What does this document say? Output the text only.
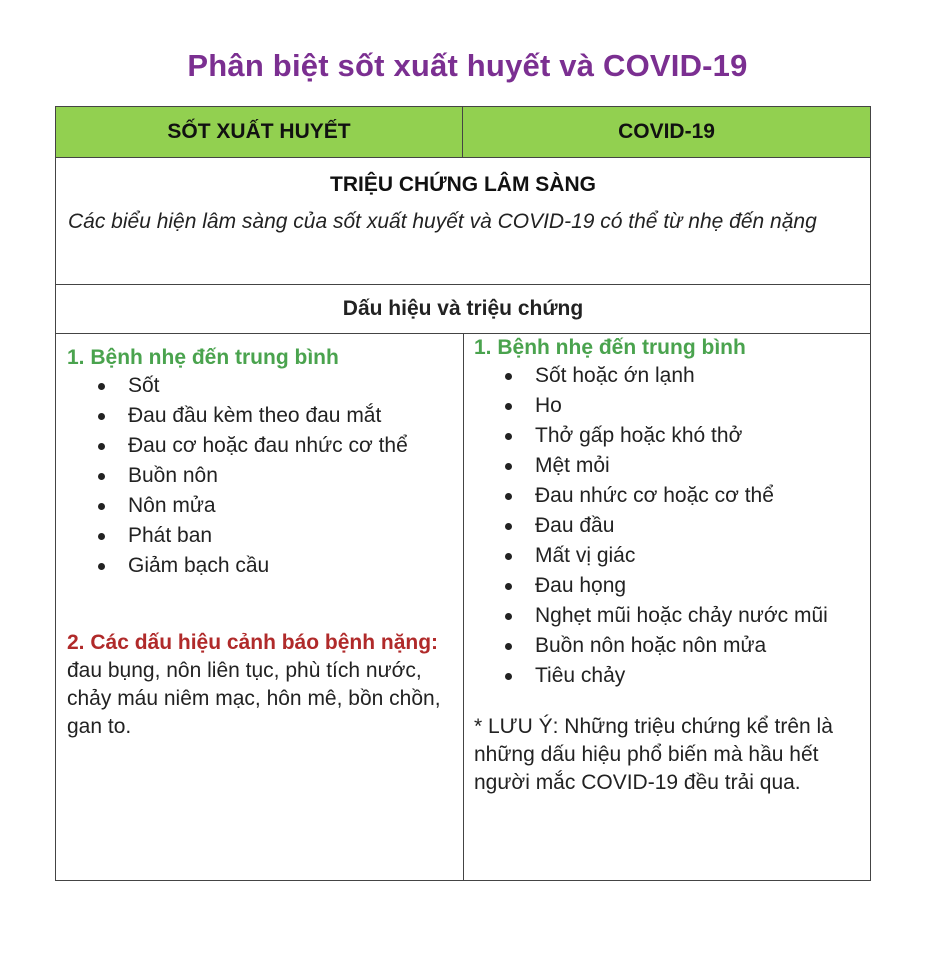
Phân biệt sốt xuất huyết và COVID-19
SỐT XUẤT HUYẾT	COVID-19
TRIỆU CHỨNG LÂM SÀNG
Các biểu hiện lâm sàng của sốt xuất huyết và COVID-19 có thể từ nhẹ đến nặng
Dấu hiệu và triệu chứng
1. Bệnh nhẹ đến trung bình
Sốt
Đau đầu kèm theo đau mắt
Đau cơ hoặc đau nhức cơ thể
Buồn nôn
Nôn mửa
Phát ban
Giảm bạch cầu
2. Các dấu hiệu cảnh báo bệnh nặng: đau bụng, nôn liên tục, phù tích nước, chảy máu niêm mạc, hôn mê, bồn chồn, gan to.
1. Bệnh nhẹ đến trung bình
Sốt hoặc ớn lạnh
Ho
Thở gấp hoặc khó thở
Mệt mỏi
Đau nhức cơ hoặc cơ thể
Đau đầu
Mất vị giác
Đau họng
Nghẹt mũi hoặc chảy nước mũi
Buồn nôn hoặc nôn mửa
Tiêu chảy
* LƯU Ý: Những triệu chứng kể trên là những dấu hiệu phổ biến mà hầu hết người mắc COVID-19 đều trải qua.
